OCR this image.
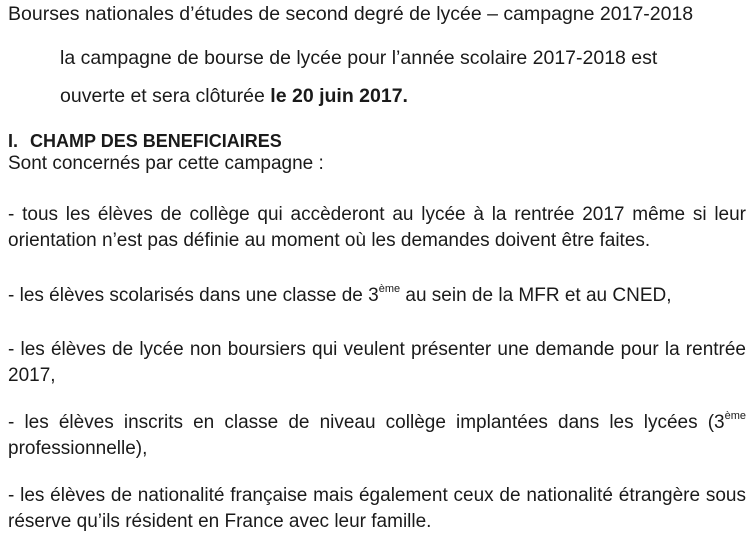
Bourses nationales d’études de second degré de lycée – campagne 2017-2018
la campagne de bourse de lycée pour l’année scolaire 2017-2018 est
ouverte et sera clôturée le 20 juin 2017.
I. CHAMP DES BENEFICIAIRES
Sont concernés par cette campagne :
- tous les élèves de collège qui accèderont au lycée à la rentrée 2017 même si leur
orientation n’est pas définie au moment où les demandes doivent être faites.
- les élèves scolarisés dans une classe de 3ème au sein de la MFR et au CNED,
- les élèves de lycée non boursiers qui veulent présenter une demande pour la rentrée
2017,
- les élèves inscrits en classe de niveau collège implantées dans les lycées (3ème
professionnelle),
- les élèves de nationalité française mais également ceux de nationalité étrangère sous
réserve qu’ils résident en France avec leur famille.
